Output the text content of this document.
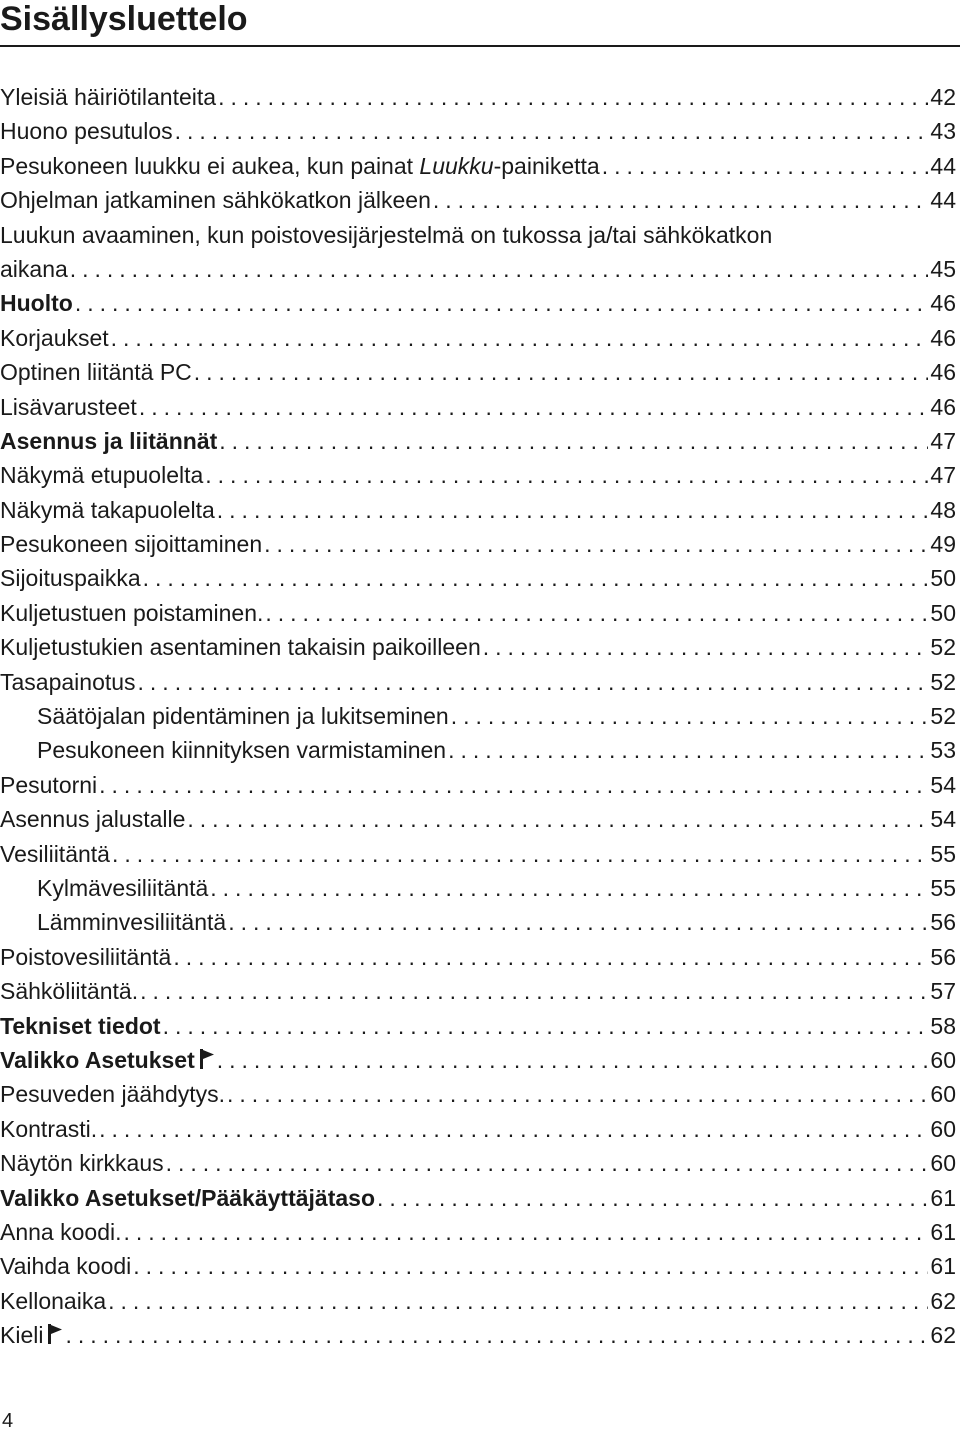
Sisällysluettelo
Yleisiä häiriötilanteita . . .	42
Huono pesutulos . . .	43
Pesukoneen luukku ei aukea, kun painat Luukku-painiketta . . .	44
Ohjelman jatkaminen sähkökatkon jälkeen . . .	44
Luukun avaaminen, kun poistovesijärjestelmä on tukossa ja/tai sähkökatkon
aikana . . .	45
Huolto . . .	46
Korjaukset . . .	46
Optinen liitäntä PC . . .	46
Lisävarusteet . . .	46
Asennus ja liitännät . . .	47
Näkymä etupuolelta . . .	47
Näkymä takapuolelta . . .	48
Pesukoneen sijoittaminen . . .	49
Sijoituspaikka . . .	50
Kuljetustuen poistaminen. . . .	50
Kuljetustukien asentaminen takaisin paikoilleen . . .	52
Tasapainotus . . .	52
Säätöjalan pidentäminen ja lukitseminen . . .	52
Pesukoneen kiinnityksen varmistaminen . . .	53
Pesutorni . . .	54
Asennus jalustalle . . .	54
Vesiliitäntä . . .	55
Kylmävesiliitäntä . . .	55
Lämminvesiliitäntä . . .	56
Poistovesiliitäntä . . .	56
Sähköliitäntä. . . .	57
Tekniset tiedot . . .	58
Valikko Asetukset . . .	60
Pesuveden jäähdytys. . . .	60
Kontrasti. . . .	60
Näytön kirkkaus . . .	60
Valikko Asetukset/Pääkäyttäjätaso . . .	61
Anna koodi. . . .	61
Vaihda koodi . . .	61
Kellonaika . . .	62
Kieli . . .	62
4
